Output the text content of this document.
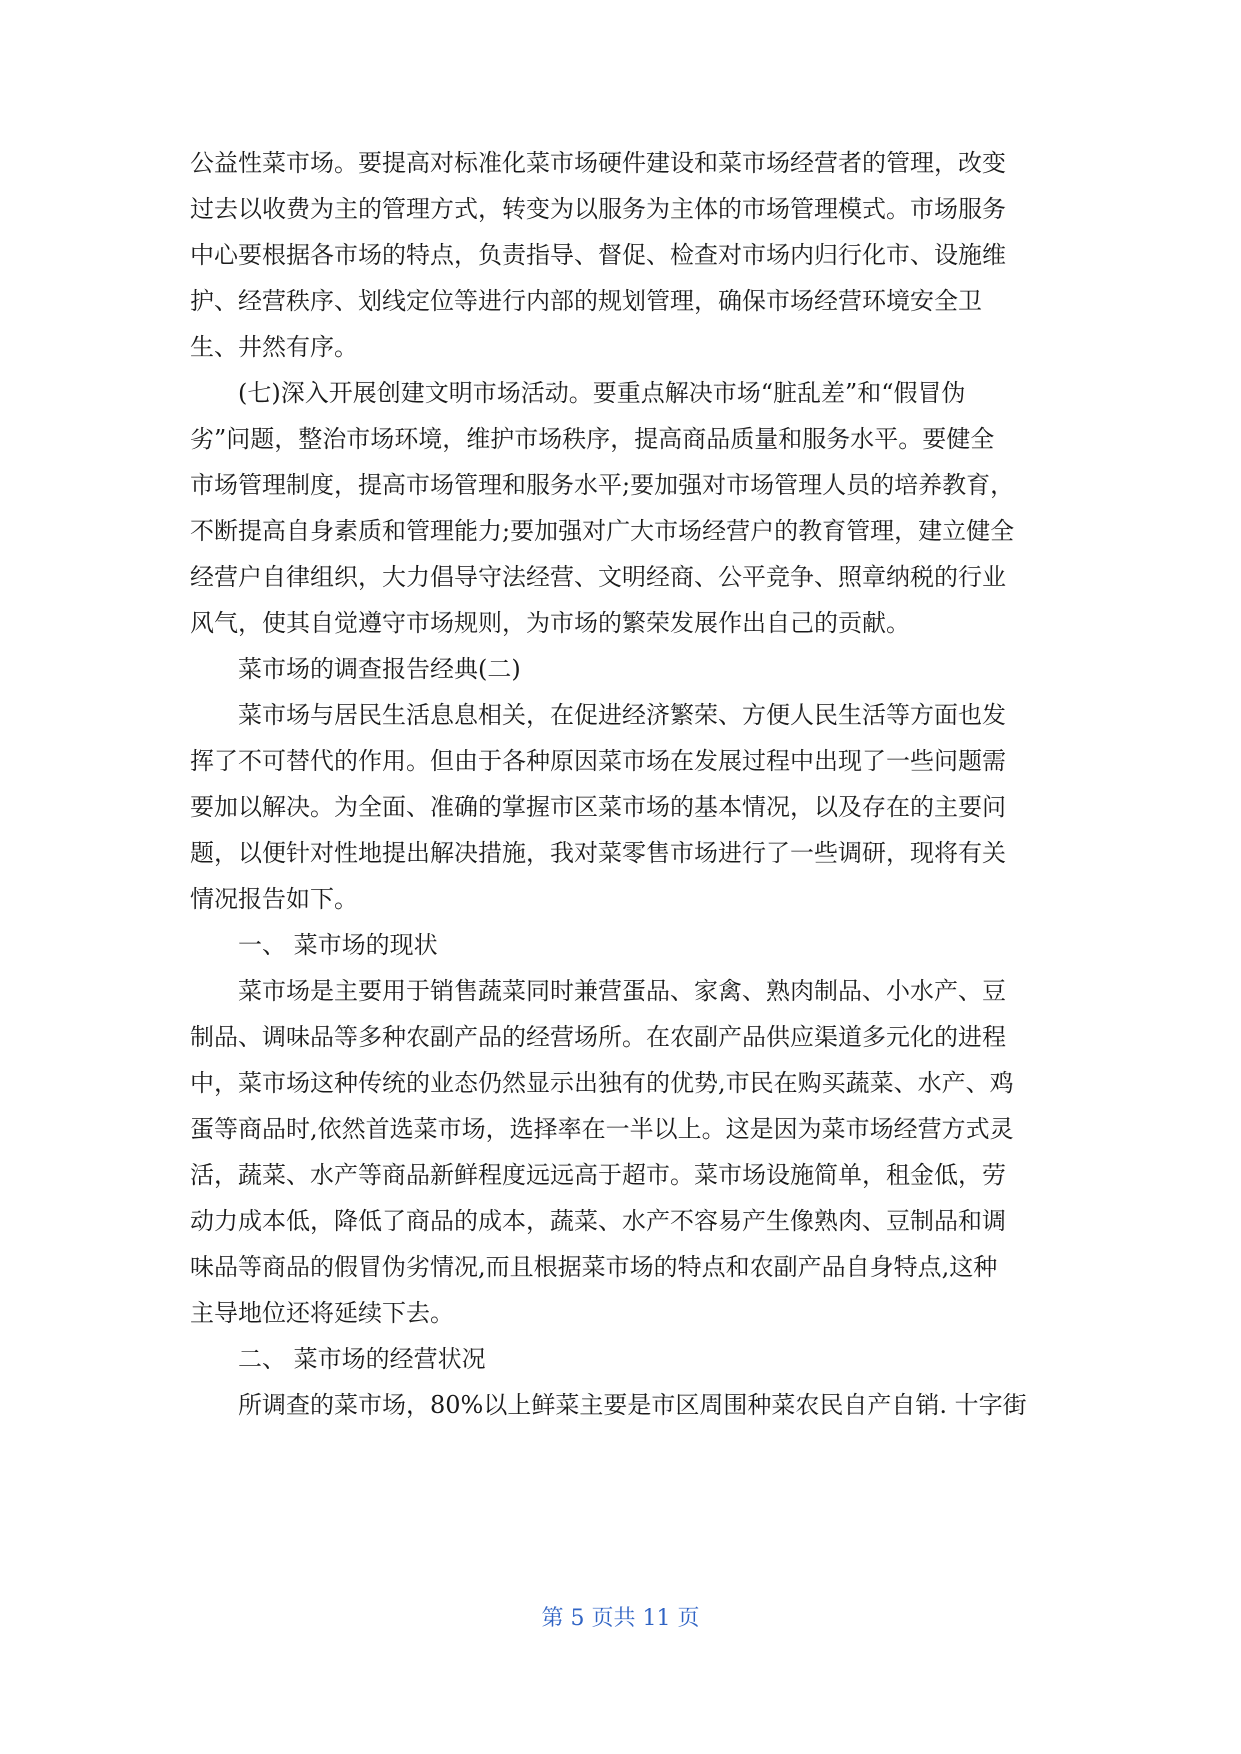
公益性菜市场。要提高对标准化菜市场硬件建设和菜市场经营者的管理，改变
过去以收费为主的管理方式，转变为以服务为主体的市场管理模式。市场服务
中心要根据各市场的特点，负责指导、督促、检查对市场内归行化市、设施维
护、经营秩序、划线定位等进行内部的规划管理，确保市场经营环境安全卫
生、井然有序。
(七)深入开展创建文明市场活动。要重点解决市场“脏乱差”和“假冒伪
劣”问题，整治市场环境，维护市场秩序，提高商品质量和服务水平。要健全
市场管理制度，提高市场管理和服务水平;要加强对市场管理人员的培养教育，
不断提高自身素质和管理能力;要加强对广大市场经营户的教育管理，建立健全
经营户自律组织，大力倡导守法经营、文明经商、公平竞争、照章纳税的行业
风气，使其自觉遵守市场规则，为市场的繁荣发展作出自己的贡献。
菜市场的调查报告经典(二)
菜市场与居民生活息息相关，在促进经济繁荣、方便人民生活等方面也发
挥了不可替代的作用。但由于各种原因菜市场在发展过程中出现了一些问题需
要加以解决。为全面、准确的掌握市区菜市场的基本情况，以及存在的主要问
题，以便针对性地提出解决措施，我对菜零售市场进行了一些调研，现将有关
情况报告如下。
一、 菜市场的现状
菜市场是主要用于销售蔬菜同时兼营蛋品、家禽、熟肉制品、小水产、豆
制品、调味品等多种农副产品的经营场所。在农副产品供应渠道多元化的进程
中，菜市场这种传统的业态仍然显示出独有的优势,市民在购买蔬菜、水产、鸡
蛋等商品时,依然首选菜市场，选择率在一半以上。这是因为菜市场经营方式灵
活，蔬菜、水产等商品新鲜程度远远高于超市。菜市场设施简单，租金低，劳
动力成本低，降低了商品的成本，蔬菜、水产不容易产生像熟肉、豆制品和调
味品等商品的假冒伪劣情况,而且根据菜市场的特点和农副产品自身特点,这种
主导地位还将延续下去。
二、 菜市场的经营状况
所调查的菜市场，80%以上鲜菜主要是市区周围种菜农民自产自销. 十字街
第 5 页共 11 页
